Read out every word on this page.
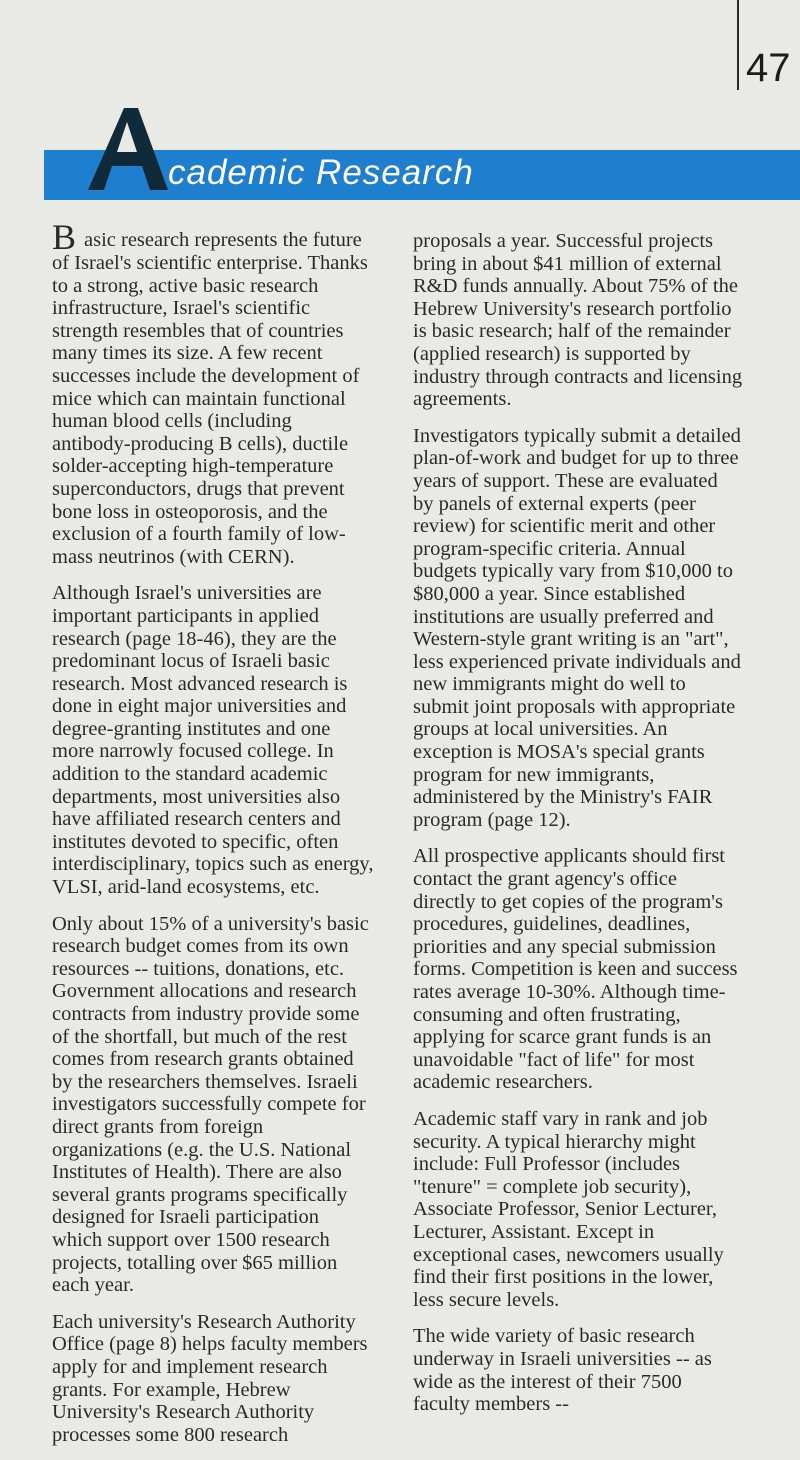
47
A
cademic Research

Basic research represents the future of Israel's scientific enterprise. Thanks to a strong, active basic research infrastructure, Israel's scientific strength resembles that of countries many times its size. A few recent successes include the development of mice which can maintain functional human blood cells (including antibody-producing B cells), ductile solder-accepting high-temperature superconductors, drugs that prevent bone loss in osteoporosis, and the exclusion of a fourth family of low-mass neutrinos (with CERN).

Although Israel's universities are important participants in applied research (page 18-46), they are the predominant locus of Israeli basic research. Most advanced research is done in eight major universities and degree-granting institutes and one more narrowly focused college. In addition to the standard academic departments, most universities also have affiliated research centers and institutes devoted to specific, often interdisciplinary, topics such as energy, VLSI, arid-land ecosystems, etc.

Only about 15% of a university's basic research budget comes from its own resources -- tuitions, donations, etc. Government allocations and research contracts from industry provide some of the shortfall, but much of the rest comes from research grants obtained by the researchers themselves. Israeli investigators successfully compete for direct grants from foreign organizations (e.g. the U.S. National Institutes of Health). There are also several grants programs specifically designed for Israeli participation which support over 1500 research projects, totalling over $65 million each year.

Each university's Research Authority Office (page 8) helps faculty members apply for and implement research grants. For example, Hebrew University's Research Authority processes some 800 research

proposals a year. Successful projects bring in about $41 million of external R&D funds annually. About 75% of the Hebrew University's research portfolio is basic research; half of the remainder (applied research) is supported by industry through contracts and licensing agreements.

Investigators typically submit a detailed plan-of-work and budget for up to three years of support. These are evaluated by panels of external experts (peer review) for scientific merit and other program-specific criteria. Annual budgets typically vary from $10,000 to $80,000 a year. Since established institutions are usually preferred and Western-style grant writing is an "art", less experienced private individuals and new immigrants might do well to submit joint proposals with appropriate groups at local universities. An exception is MOSA's special grants program for new immigrants, administered by the Ministry's FAIR program (page 12).

All prospective applicants should first contact the grant agency's office directly to get copies of the program's procedures, guidelines, deadlines, priorities and any special submission forms. Competition is keen and success rates average 10-30%. Although time-consuming and often frustrating, applying for scarce grant funds is an unavoidable "fact of life" for most academic researchers.

Academic staff vary in rank and job security. A typical hierarchy might include: Full Professor (includes "tenure" = complete job security), Associate Professor, Senior Lecturer, Lecturer, Assistant. Except in exceptional cases, newcomers usually find their first positions in the lower, less secure levels.

The wide variety of basic research underway in Israeli universities -- as wide as the interest of their 7500 faculty members --
